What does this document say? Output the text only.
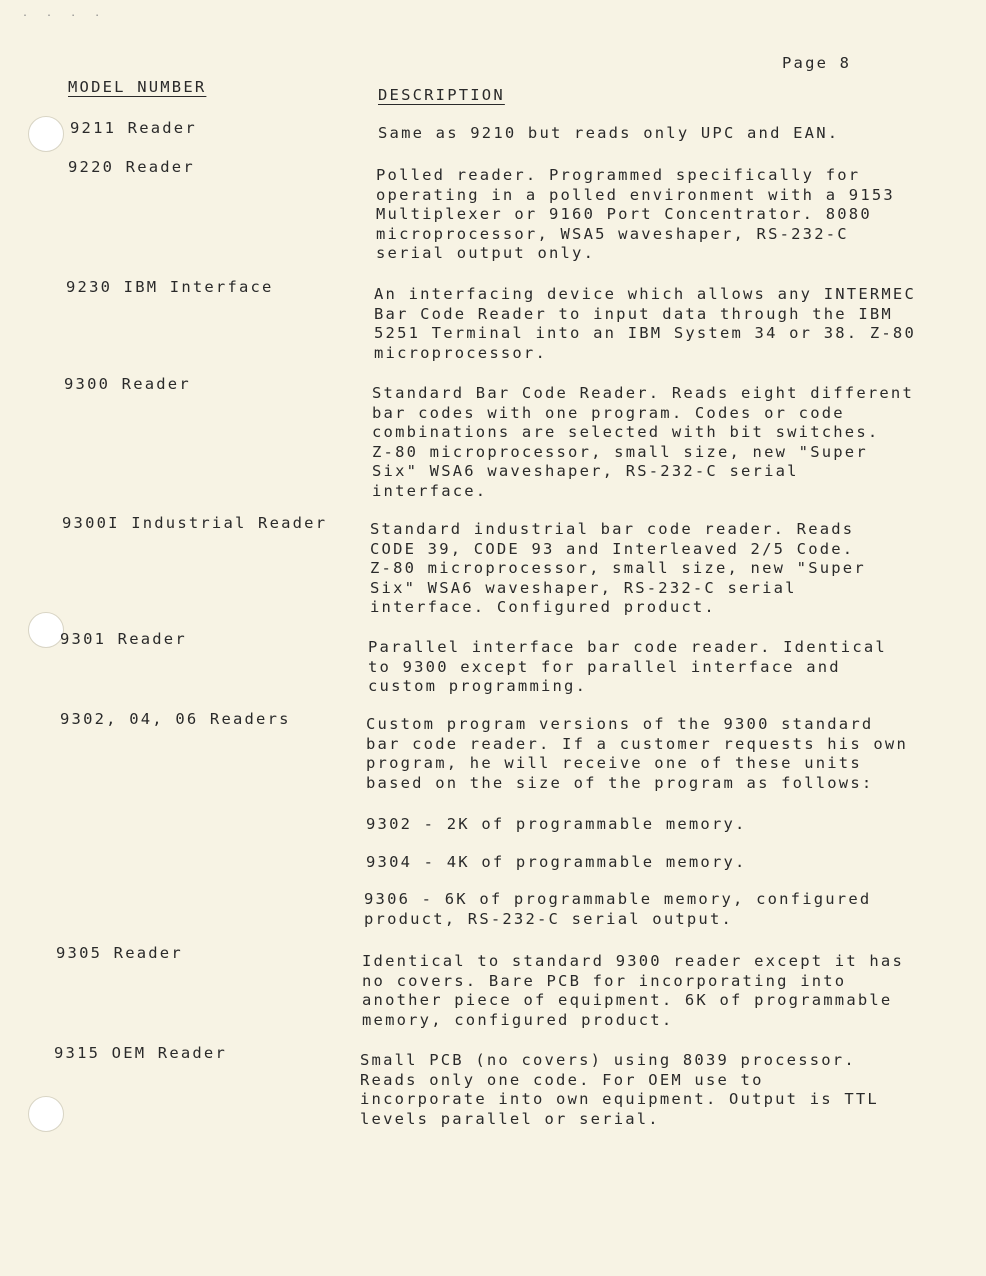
. . . .
Page 8
MODEL NUMBER	DESCRIPTION
9211 Reader	Same as 9210 but reads only UPC and EAN.
9220 Reader	Polled reader. Programmed specifically for
operating in a polled environment with a 9153
Multiplexer or 9160 Port Concentrator. 8080
microprocessor, WSA5 waveshaper, RS-232-C
serial output only.
9230 IBM Interface	An interfacing device which allows any INTERMEC
Bar Code Reader to input data through the IBM
5251 Terminal into an IBM System 34 or 38. Z-80
microprocessor.
9300 Reader	Standard Bar Code Reader. Reads eight different
bar codes with one program. Codes or code
combinations are selected with bit switches.
Z-80 microprocessor, small size, new "Super
Six" WSA6 waveshaper, RS-232-C serial
interface.
9300I Industrial Reader	Standard industrial bar code reader. Reads
CODE 39, CODE 93 and Interleaved 2/5 Code.
Z-80 microprocessor, small size, new "Super
Six" WSA6 waveshaper, RS-232-C serial
interface. Configured product.
9301 Reader	Parallel interface bar code reader. Identical
to 9300 except for parallel interface and
custom programming.
9302, 04, 06 Readers	Custom program versions of the 9300 standard
bar code reader. If a customer requests his own
program, he will receive one of these units
based on the size of the program as follows:
9302 - 2K of programmable memory.
9304 - 4K of programmable memory.
9306 - 6K of programmable memory, configured
product, RS-232-C serial output.
9305 Reader	Identical to standard 9300 reader except it has
no covers. Bare PCB for incorporating into
another piece of equipment. 6K of programmable
memory, configured product.
9315 OEM Reader	Small PCB (no covers) using 8039 processor.
Reads only one code. For OEM use to
incorporate into own equipment. Output is TTL
levels parallel or serial.
